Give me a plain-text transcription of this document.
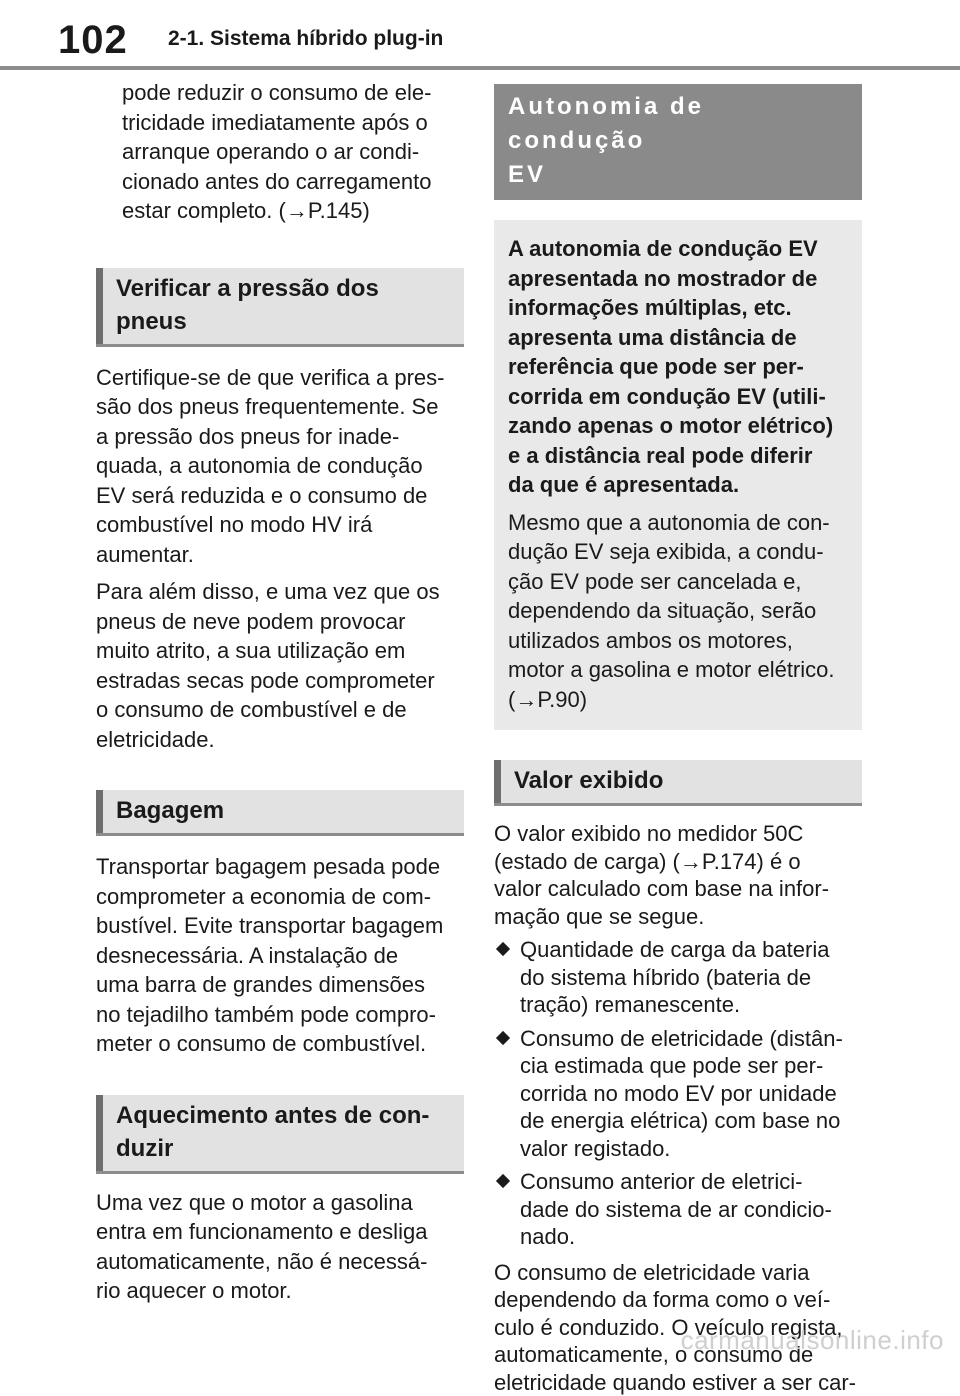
102 2-1. Sistema híbrido plug-in

pode reduzir o consumo de ele-

tricidade imediatamente após o

arranque operando o ar condi-

cionado antes do carregamento

estar completo. (→P.145)

Verificar a pressão dos
pneus

Certifique-se de que verifica a pres-

são dos pneus frequentemente. Se

a pressão dos pneus for inade-

quada, a autonomia de condução

EV será reduzida e o consumo de

combustível no modo HV irá

aumentar.

Para além disso, e uma vez que os

pneus de neve podem provocar

muito atrito, a sua utilização em

estradas secas pode comprometer

o consumo de combustível e de

eletricidade.

Bagagem

Transportar bagagem pesada pode

comprometer a economia de com-

bustível. Evite transportar bagagem

desnecessária. A instalação de

uma barra de grandes dimensões

no tejadilho também pode compro-

meter o consumo de combustível.

Aquecimento antes de con-
duzir

Uma vez que o motor a gasolina

entra em funcionamento e desliga

automaticamente, não é necessá-

rio aquecer o motor.

Autonomia de condução
EV

A autonomia de condução EV

apresentada no mostrador de

informações múltiplas, etc.

apresenta uma distância de

referência que pode ser per-

corrida em condução EV (utili-

zando apenas o motor elétrico)

e a distância real pode diferir

da que é apresentada.

Mesmo que a autonomia de con-

dução EV seja exibida, a condu-

ção EV pode ser cancelada e,

dependendo da situação, serão

utilizados ambos os motores,

motor a gasolina e motor elétrico.

(→P.90)

Valor exibido

O valor exibido no medidor 50C

(estado de carga) (→P.174) é o

valor calculado com base na infor-

mação que se segue.

Quantidade de carga da bateria
do sistema híbrido (bateria de
tração) remanescente.
Consumo de eletricidade (distân-
cia estimada que pode ser per-
corrida no modo EV por unidade
de energia elétrica) com base no
valor registado.
Consumo anterior de eletrici-
dade do sistema de ar condicio-
nado.

O consumo de eletricidade varia

dependendo da forma como o veí-

culo é conduzido. O veículo regista,

automaticamente, o consumo de

eletricidade quando estiver a ser car-

carmanualsonline.info
